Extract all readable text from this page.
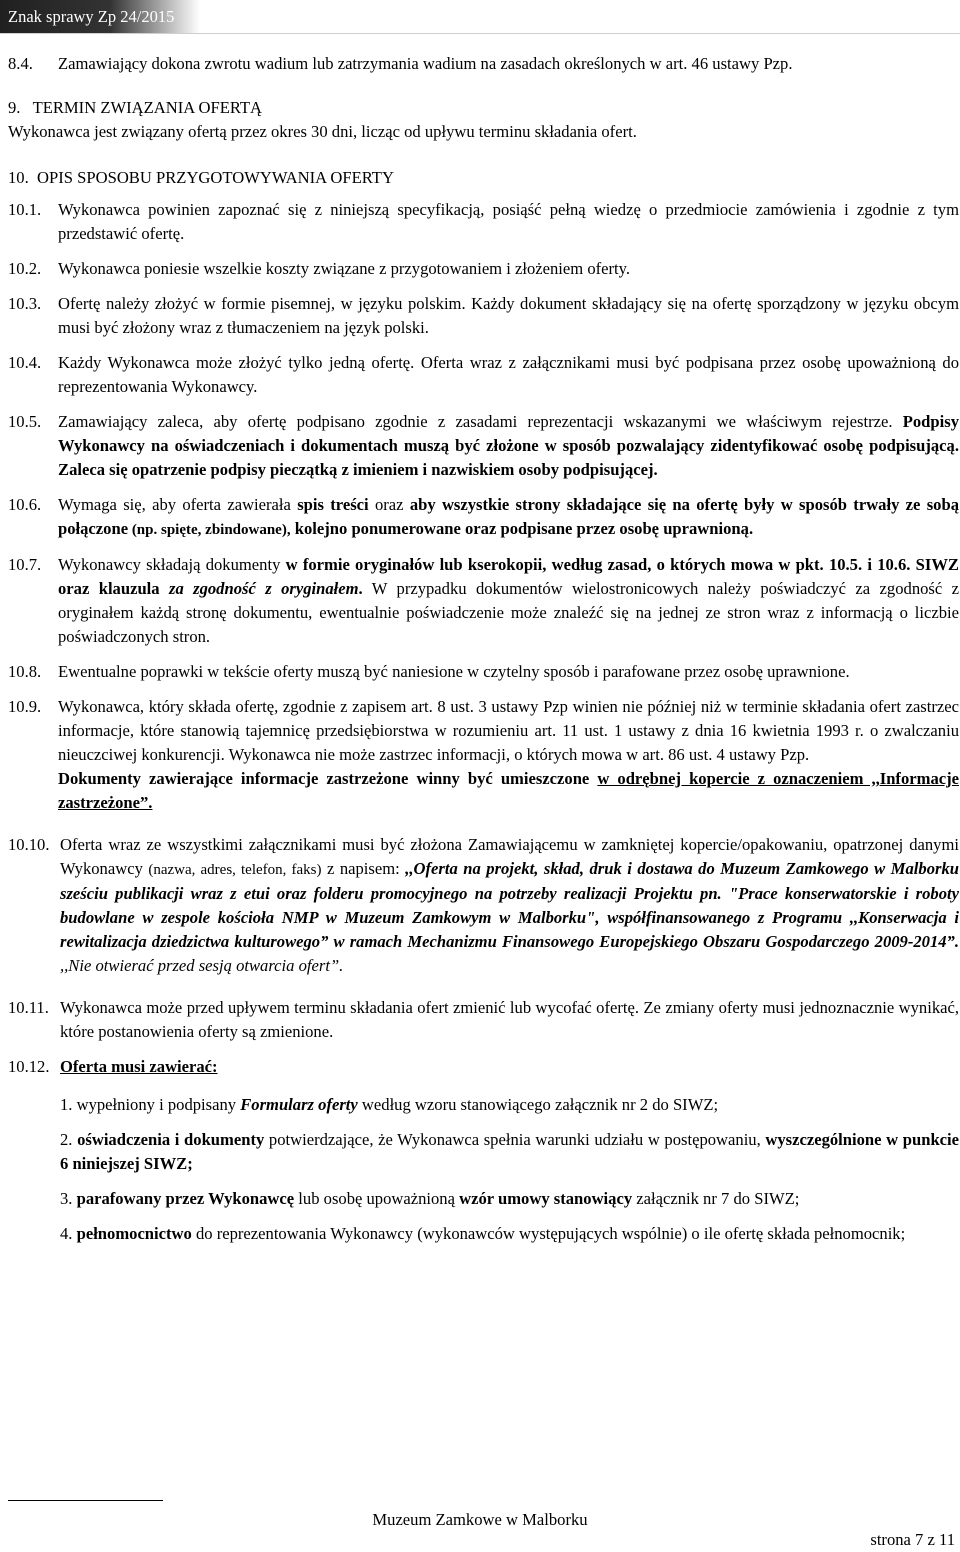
Znak sprawy Zp 24/2015
8.4.	Zamawiający dokona zwrotu wadium lub zatrzymania wadium na zasadach określonych w art. 46 ustawy Pzp.
9.   TERMIN ZWIĄZANIA OFERTĄ
Wykonawca jest związany ofertą przez okres 30 dni, licząc od upływu terminu składania ofert.
10.  OPIS SPOSOBU PRZYGOTOWYWANIA OFERTY
10.1.	Wykonawca powinien zapoznać się z niniejszą specyfikacją, posiąść pełną wiedzę o przedmiocie zamówienia i zgodnie z tym przedstawić ofertę.
10.2.	Wykonawca poniesie wszelkie koszty związane z przygotowaniem i złożeniem oferty.
10.3.	Ofertę należy złożyć w formie pisemnej, w języku polskim. Każdy dokument składający się na ofertę sporządzony w języku obcym musi być złożony wraz z tłumaczeniem na język polski.
10.4.	Każdy Wykonawca może złożyć tylko jedną ofertę. Oferta wraz z załącznikami musi być podpisana przez osobę upoważnioną do reprezentowania Wykonawcy.
10.5.	Zamawiający zaleca, aby ofertę podpisano zgodnie z zasadami reprezentacji wskazanymi we właściwym rejestrze. Podpisy Wykonawcy na oświadczeniach i dokumentach muszą być złożone w sposób pozwalający zidentyfikować osobę podpisującą. Zaleca się opatrzenie podpisy pieczątką z imieniem i nazwiskiem osoby podpisującej.
10.6.	Wymaga się, aby oferta zawierała spis treści oraz aby wszystkie strony składające się na ofertę były w sposób trwały ze sobą połączone (np. spięte, zbindowane), kolejno ponumerowane oraz podpisane przez osobę uprawnioną.
10.7.	Wykonawcy składają dokumenty w formie oryginałów lub kserokopii, według zasad, o których mowa w pkt. 10.5. i 10.6. SIWZ oraz klauzula za zgodność z oryginałem. W przypadku dokumentów wielostronicowych należy poświadczyć za zgodność z oryginałem każdą stronę dokumentu, ewentualnie poświadczenie może znaleźć się na jednej ze stron wraz z informacją o liczbie poświadczonych stron.
10.8.	Ewentualne poprawki w tekście oferty muszą być naniesione w czytelny sposób i parafowane przez osobę uprawnione.
10.9.	Wykonawca, który składa ofertę, zgodnie z zapisem art. 8 ust. 3 ustawy Pzp winien nie później niż w terminie składania ofert zastrzec informacje, które stanowią tajemnicę przedsiębiorstwa w rozumieniu art. 11 ust. 1 ustawy z dnia 16 kwietnia 1993 r. o zwalczaniu nieuczciwej konkurencji. Wykonawca nie może zastrzec informacji, o których mowa w art. 86 ust. 4 ustawy Pzp.
Dokumenty zawierające informacje zastrzeżone winny być umieszczone w odrębnej kopercie z oznaczeniem ,,Informacje zastrzeżone”.
10.10. Oferta wraz ze wszystkimi załącznikami musi być złożona Zamawiającemu w zamkniętej kopercie/opakowaniu, opatrzonej danymi Wykonawcy (nazwa, adres, telefon, faks) z napisem: ,,Oferta na projekt, skład, druk i dostawa do Muzeum Zamkowego w Malborku sześciu publikacji wraz z etui oraz folderu promocyjnego na potrzeby realizacji Projektu pn. "Prace konserwatorskie i roboty budowlane w zespole kościoła NMP w Muzeum Zamkowym w Malborku", współfinansowanego z Programu ,,Konserwacja i rewitalizacja dziedzictwa kulturowego” w ramach Mechanizmu Finansowego Europejskiego Obszaru Gospodarczego 2009-2014”. ,,Nie otwierać przed sesją otwarcia ofert”.
10.11. Wykonawca może przed upływem terminu składania ofert zmienić lub wycofać ofertę. Ze zmiany oferty musi jednoznacznie wynikać, które postanowienia oferty są zmienione.
10.12. Oferta musi zawierać:
1. wypełniony i podpisany Formularz oferty według wzoru stanowiącego załącznik nr 2 do SIWZ;
2. oświadczenia i dokumenty potwierdzające, że Wykonawca spełnia warunki udziału w postępowaniu, wyszczególnione w punkcie 6 niniejszej SIWZ;
3. parafowany przez Wykonawcę lub osobę upoważnioną wzór umowy stanowiący załącznik nr 7 do SIWZ;
4. pełnomocnictwo do reprezentowania Wykonawcy (wykonawców występujących wspólnie) o ile ofertę składa pełnomocnik;
Muzeum Zamkowe w Malborku
strona 7 z 11
